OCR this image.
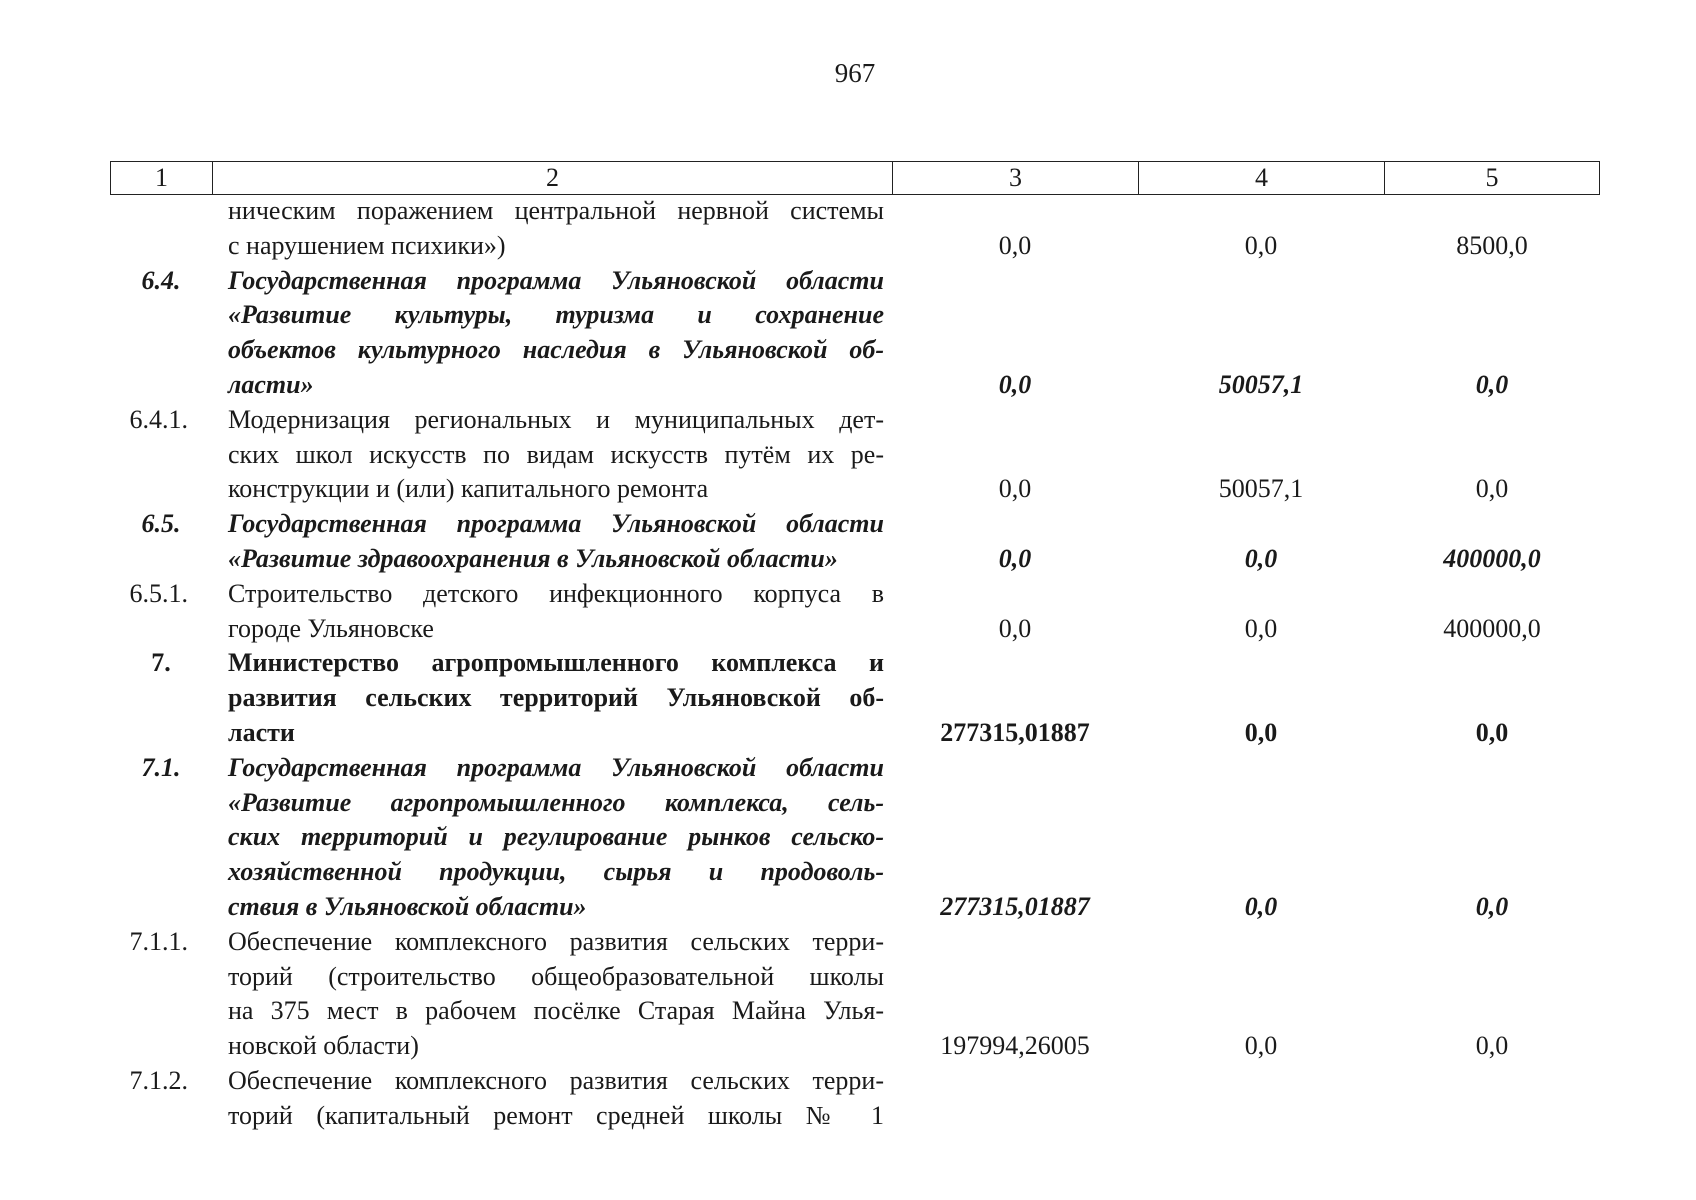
967
1	2	3	4	5
ническим поражением центральной нервной системы
с нарушением психики»)	0,0	0,0	8500,0
6.4.	Государственная программа Ульяновской области
«Развитие культуры, туризма и сохранение
объектов культурного наследия в Ульяновской об-
ласти»	0,0	50057,1	0,0
6.4.1.	Модернизация региональных и муниципальных дет-
ских школ искусств по видам искусств путём их ре-
конструкции и (или) капитального ремонта	0,0	50057,1	0,0
6.5.	Государственная программа Ульяновской области
«Развитие здравоохранения в Ульяновской области»	0,0	0,0	400000,0
6.5.1.	Строительство детского инфекционного корпуса в
городе Ульяновске	0,0	0,0	400000,0
7.	Министерство агропромышленного комплекса и
развития сельских территорий Ульяновской об-
ласти	277315,01887	0,0	0,0
7.1.	Государственная программа Ульяновской области
«Развитие агропромышленного комплекса, сель-
ских территорий и регулирование рынков сельско-
хозяйственной продукции, сырья и продоволь-
ствия в Ульяновской области»	277315,01887	0,0	0,0
7.1.1.	Обеспечение комплексного развития сельских терри-
торий (строительство общеобразовательной школы
на 375 мест в рабочем посёлке Старая Майна Улья-
новской области)	197994,26005	0,0	0,0
7.1.2.	Обеспечение комплексного развития сельских терри-
торий (капитальный ремонт средней школы № 1
